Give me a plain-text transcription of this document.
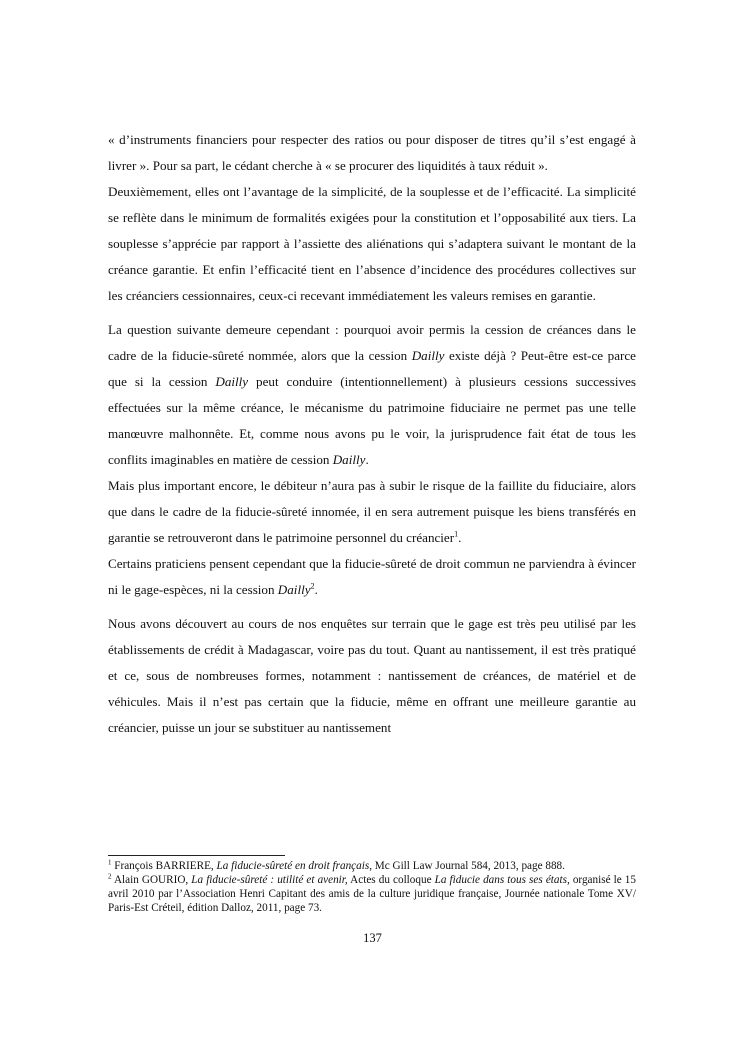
« d’instruments financiers pour respecter des ratios ou pour disposer de titres qu’il s’est engagé à livrer ». Pour sa part, le cédant cherche à « se procurer des liquidités à taux réduit ».

Deuxièmement, elles ont l’avantage de la simplicité, de la souplesse et de l’efficacité. La simplicité se reflète dans le minimum de formalités exigées pour la constitution et l’opposabilité aux tiers. La souplesse s’apprécie par rapport à l’assiette des aliénations qui s’adaptera suivant le montant de la créance garantie. Et enfin l’efficacité tient en l’absence d’incidence des procédures collectives sur les créanciers cessionnaires, ceux-ci recevant immédiatement les valeurs remises en garantie.

La question suivante demeure cependant : pourquoi avoir permis la cession de créances dans le cadre de la fiducie-sûreté nommée, alors que la cession Dailly existe déjà ? Peut-être est-ce parce que si la cession Dailly peut conduire (intentionnellement) à plusieurs cessions successives effectuées sur la même créance, le mécanisme du patrimoine fiduciaire ne permet pas une telle manœuvre malhonnête. Et, comme nous avons pu le voir, la jurisprudence fait état de tous les conflits imaginables en matière de cession Dailly.

Mais plus important encore, le débiteur n’aura pas à subir le risque de la faillite du fiduciaire, alors que dans le cadre de la fiducie-sûreté innomée, il en sera autrement puisque les biens transférés en garantie se retrouveront dans le patrimoine personnel du créancier$^1$.

Certains praticiens pensent cependant que la fiducie-sûreté de droit commun ne parviendra à évincer ni le gage-espèces, ni la cession Dailly$^2$.

Nous avons découvert au cours de nos enquêtes sur terrain que le gage est très peu utilisé par les établissements de crédit à Madagascar, voire pas du tout. Quant au nantissement, il est très pratiqué et ce, sous de nombreuses formes, notamment : nantissement de créances, de matériel et de véhicules. Mais il n’est pas certain que la fiducie, même en offrant une meilleure garantie au créancier, puisse un jour se substituer au nantissement

$^1$ François BARRIERE, La fiducie-sûreté en droit français, Mc Gill Law Journal 584, 2013, page 888.

$^2$ Alain GOURIO, La fiducie-sûreté : utilité et avenir, Actes du colloque La fiducie dans tous ses états, organisé le 15 avril 2010 par l’Association Henri Capitant des amis de la culture juridique française, Journée nationale Tome XV/ Paris-Est Créteil, édition Dalloz, 2011, page 73.

137
